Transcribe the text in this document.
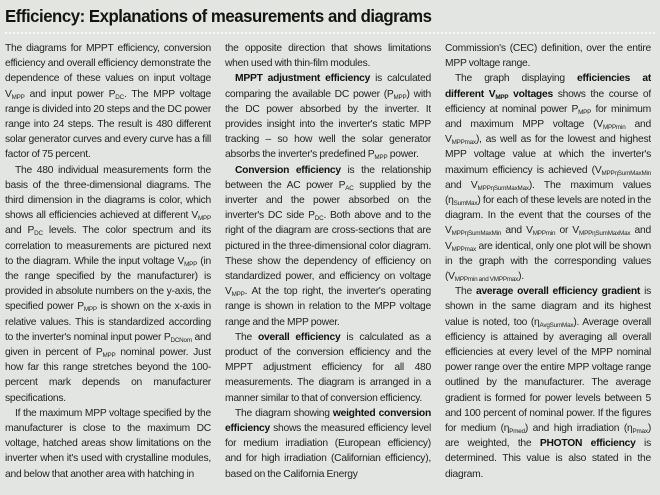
Efficiency: Explanations of measurements and diagrams

The diagrams for MPPT efficiency, conversion efficiency and overall efficiency demonstrate the dependence of these values on input voltage $V_{MPP}$ and input power $P_{DC}$. The MPP voltage range is divided into 20 steps and the DC power range into 24 steps. The result is 480 different solar generator curves and every curve has a fill factor of 75 percent.

The 480 individual measurements form the basis of the three-dimensional diagrams. The third dimension in the diagrams is color, which shows all efficiencies achieved at different $V_{MPP}$ and $P_{DC}$ levels. The color spectrum and its correlation to measurements are pictured next to the diagram. While the input voltage $V_{MPP}$ (in the range specified by the manufacturer) is provided in absolute numbers on the y-axis, the specified power $P_{MPP}$ is shown on the x-axis in relative values. This is standardized according to the inverter's nominal input power $P_{DCNom}$ and given in percent of $P_{MPP}$ nominal power. Just how far this range stretches beyond the 100-percent mark depends on manufacturer specifications.

If the maximum MPP voltage specified by the manufacturer is close to the maximum DC voltage, hatched areas show limitations on the inverter when it's used with crystalline modules, and below that another area with hatching in

the opposite direction that shows limitations when used with thin-film modules.

MPPT adjustment efficiency is calculated comparing the available DC power $(P_{MPP})$ with the DC power absorbed by the inverter. It provides insight into the inverter's static MPP tracking – so how well the solar generator absorbs the inverter's predefined $P_{MPP}$ power.

Conversion efficiency is the relationship between the AC power $P_{AC}$ supplied by the inverter and the power absorbed on the inverter's DC side $P_{DC}$. Both above and to the right of the diagram are cross-sections that are pictured in the three-dimensional color diagram. These show the dependency of efficiency on standardized power, and efficiency on voltage $V_{MPP}$. At the top right, the inverter's operating range is shown in relation to the MPP voltage range and the MPP power.

The overall efficiency is calculated as a product of the conversion efficiency and the MPPT adjustment efficiency for all 480 measurements. The diagram is arranged in a manner similar to that of conversion efficiency.

The diagram showing weighted conversion efficiency shows the measured efficiency level for medium irradiation (European efficiency) and for high irradiation (Californian efficiency), based on the California Energy

Commission's (CEC) definition, over the entire MPP voltage range.

The graph displaying efficiencies at different $V_{MPP}$ voltages shows the course of efficiency at nominal power $P_{MPP}$ for minimum and maximum MPP voltage ($V_{MPPmin}$ and $V_{MPPmax}$), as well as for the lowest and highest MPP voltage value at which the inverter's maximum efficiency is achieved ($V_{MPP\eta SumMaxMin}$ and $V_{MPP\eta SumMaxMax}$). The maximum values $(\eta_{SumMax})$ for each of these levels are noted in the diagram. In the event that the courses of the $V_{MPP\eta SumMaxMin}$ and $V_{MPPmin}$ or $V_{MPP\eta SumMaxMax}$ and $V_{MPPmax}$ are identical, only one plot will be shown in the graph with the corresponding values $(V_{MPPmin and VMPPmax})$.

The average overall efficiency gradient is shown in the same diagram and its highest value is noted, too $(\eta_{AvgSumMax})$. Average overall efficiency is attained by averaging all overall efficiencies at every level of the MPP nominal power range over the entire MPP voltage range outlined by the manufacturer. The average gradient is formed for power levels between 5 and 100 percent of nominal power. If the figures for medium $(\eta_{Pmed})$ and high irradiation $(\eta_{Pmax})$ are weighted, the PHOTON efficiency is determined. This value is also stated in the diagram.
